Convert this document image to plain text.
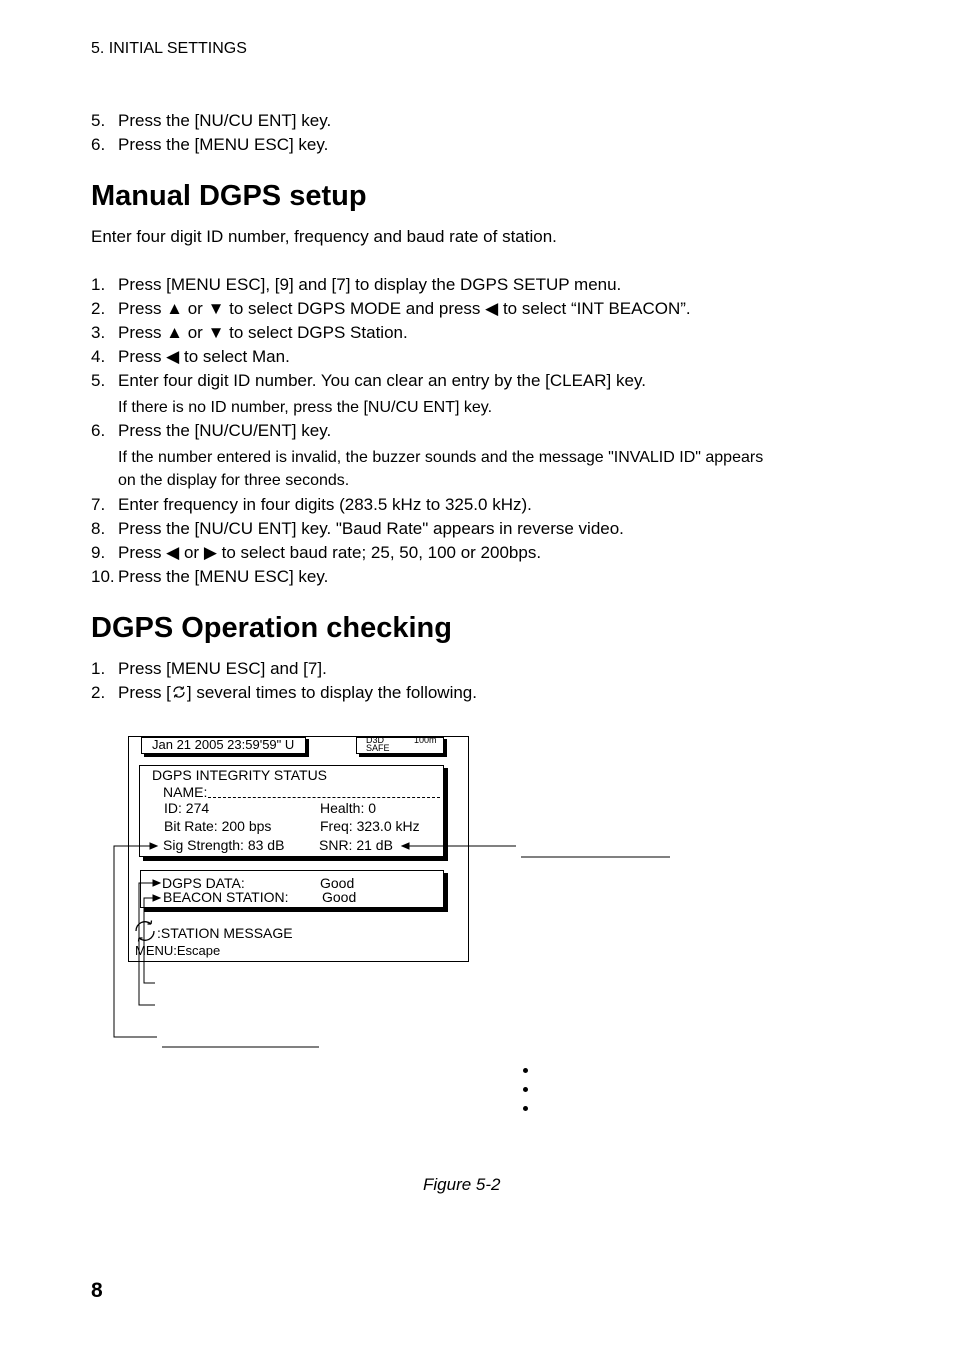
5. INITIAL SETTINGS
5. Press the [NU/CU ENT] key.
6. Press the [MENU ESC] key.
Manual DGPS setup
Enter four digit ID number, frequency and baud rate of station.
1. Press [MENU ESC], [9] and [7] to display the DGPS SETUP menu.
2. Press ▲ or ▼ to select DGPS MODE and press ◀ to select “INT BEACON”.
3. Press ▲ or ▼ to select DGPS Station.
4. Press ◀ to select Man.
5. Enter four digit ID number. You can clear an entry by the [CLEAR] key.
If there is no ID number, press the [NU/CU ENT] key.
6. Press the [NU/CU/ENT] key.
If the number entered is invalid, the buzzer sounds and the message "INVALID ID" appears
on the display for three seconds.
7. Enter frequency in four digits (283.5 kHz to 325.0 kHz).
8. Press the [NU/CU ENT] key. "Baud Rate" appears in reverse video.
9. Press ◀ or ▶ to select baud rate; 25, 50, 100 or 200bps.
10. Press the [MENU ESC] key.
DGPS Operation checking
1. Press [MENU ESC] and [7].
2. Press [ ] several times to display the following.
Jan 21 2005 23:59'59" U	D3D
SAFE
100m
DGPS INTEGRITY STATUS
NAME:
ID: 274	Health: 0
Bit Rate: 200 bps	Freq: 323.0 kHz
Sig Strength: 83 dB SNR: 21 dB
DGPS DATA:	Good
BEACON STATION: Good
:STATION MESSAGE
MENU:Escape
Figure 5-2
8
